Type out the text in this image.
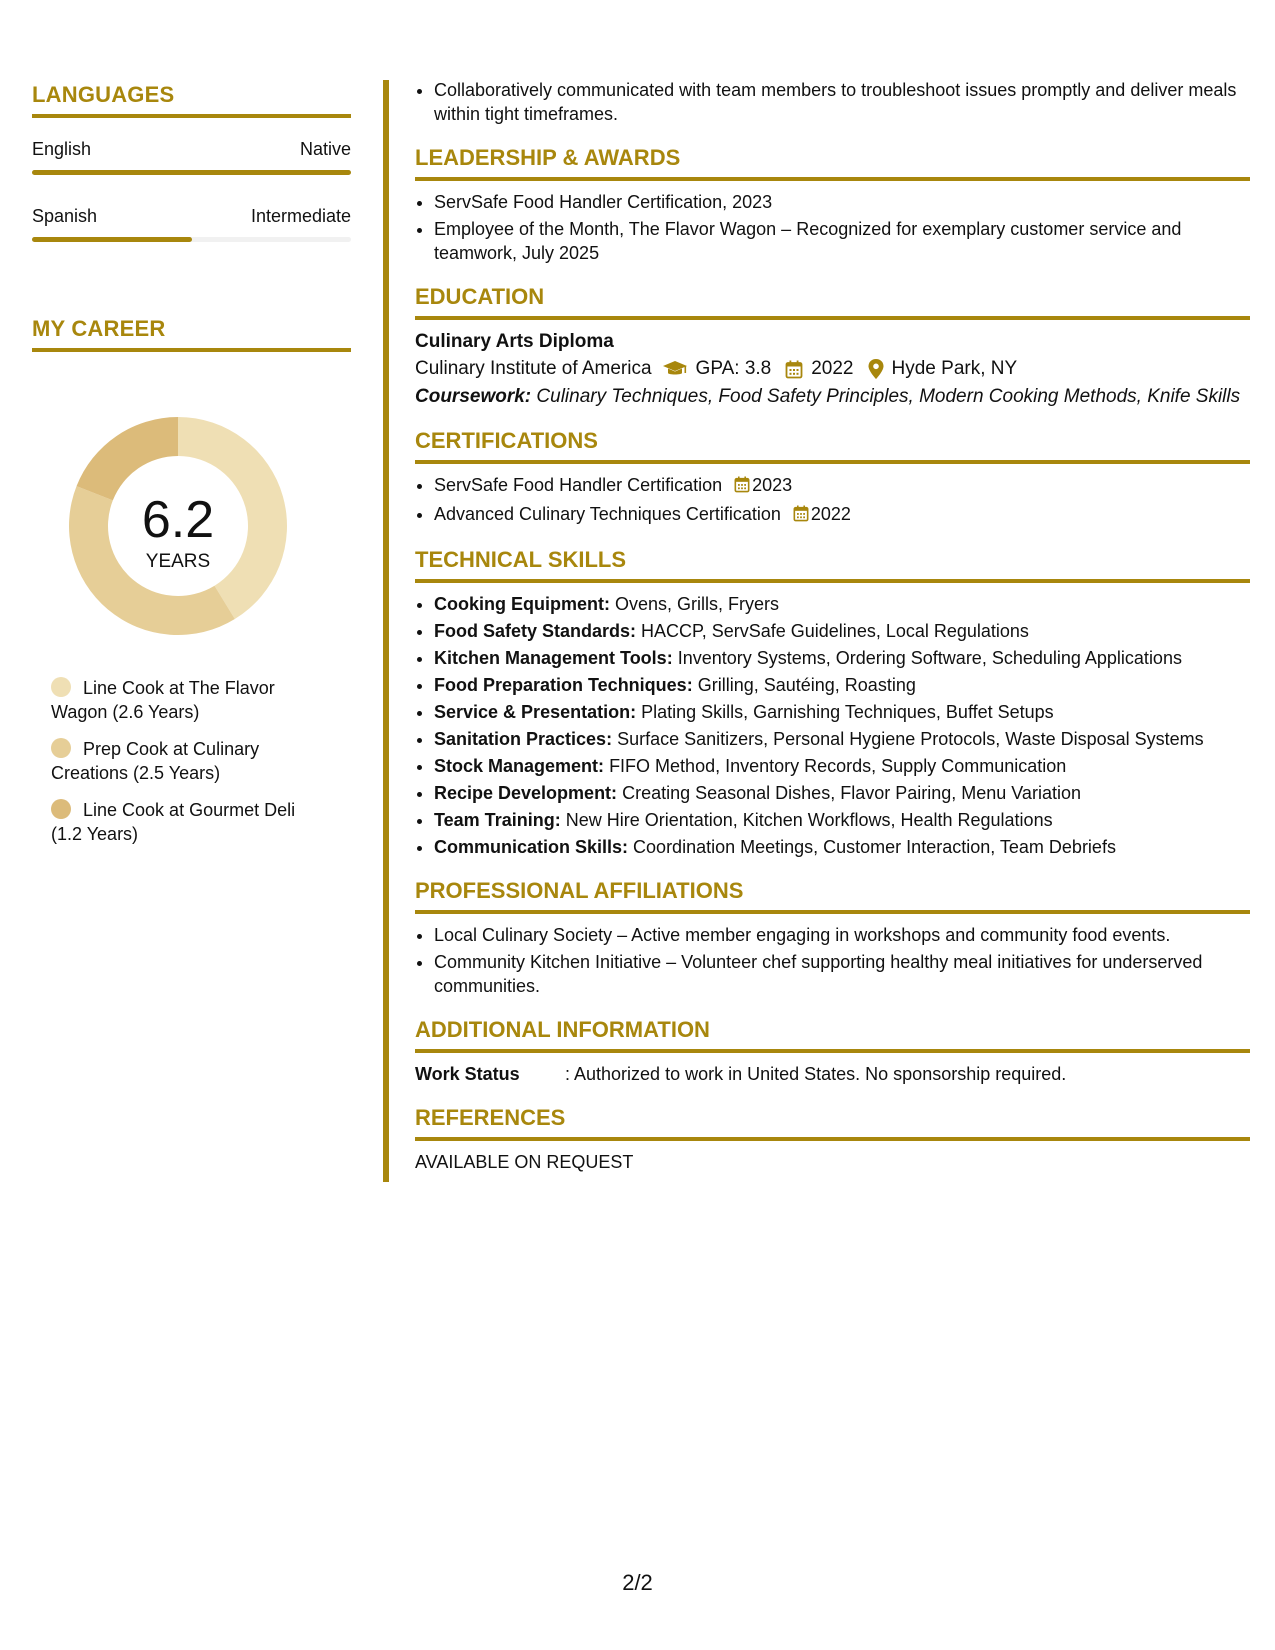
LANGUAGES
English	Native
Spanish	Intermediate
MY CAREER
6.2
YEARS
Line Cook at The Flavor Wagon (2.6 Years)
Prep Cook at Culinary Creations (2.5 Years)
Line Cook at Gourmet Deli (1.2 Years)
• Collaboratively communicated with team members to troubleshoot issues promptly and deliver meals within tight timeframes.
LEADERSHIP & AWARDS
• ServSafe Food Handler Certification, 2023
• Employee of the Month, The Flavor Wagon – Recognized for exemplary customer service and teamwork, July 2025
EDUCATION
Culinary Arts Diploma
Culinary Institute of America GPA: 3.8 2022 Hyde Park, NY
Coursework: Culinary Techniques, Food Safety Principles, Modern Cooking Methods, Knife Skills
CERTIFICATIONS
• ServSafe Food Handler Certification 2023
• Advanced Culinary Techniques Certification 2022
TECHNICAL SKILLS
• Cooking Equipment: Ovens, Grills, Fryers
• Food Safety Standards: HACCP, ServSafe Guidelines, Local Regulations
• Kitchen Management Tools: Inventory Systems, Ordering Software, Scheduling Applications
• Food Preparation Techniques: Grilling, Sautéing, Roasting
• Service & Presentation: Plating Skills, Garnishing Techniques, Buffet Setups
• Sanitation Practices: Surface Sanitizers, Personal Hygiene Protocols, Waste Disposal Systems
• Stock Management: FIFO Method, Inventory Records, Supply Communication
• Recipe Development: Creating Seasonal Dishes, Flavor Pairing, Menu Variation
• Team Training: New Hire Orientation, Kitchen Workflows, Health Regulations
• Communication Skills: Coordination Meetings, Customer Interaction, Team Debriefs
PROFESSIONAL AFFILIATIONS
• Local Culinary Society – Active member engaging in workshops and community food events.
• Community Kitchen Initiative – Volunteer chef supporting healthy meal initiatives for underserved communities.
ADDITIONAL INFORMATION
Work Status	: Authorized to work in United States. No sponsorship required.
REFERENCES
AVAILABLE ON REQUEST
2/2
